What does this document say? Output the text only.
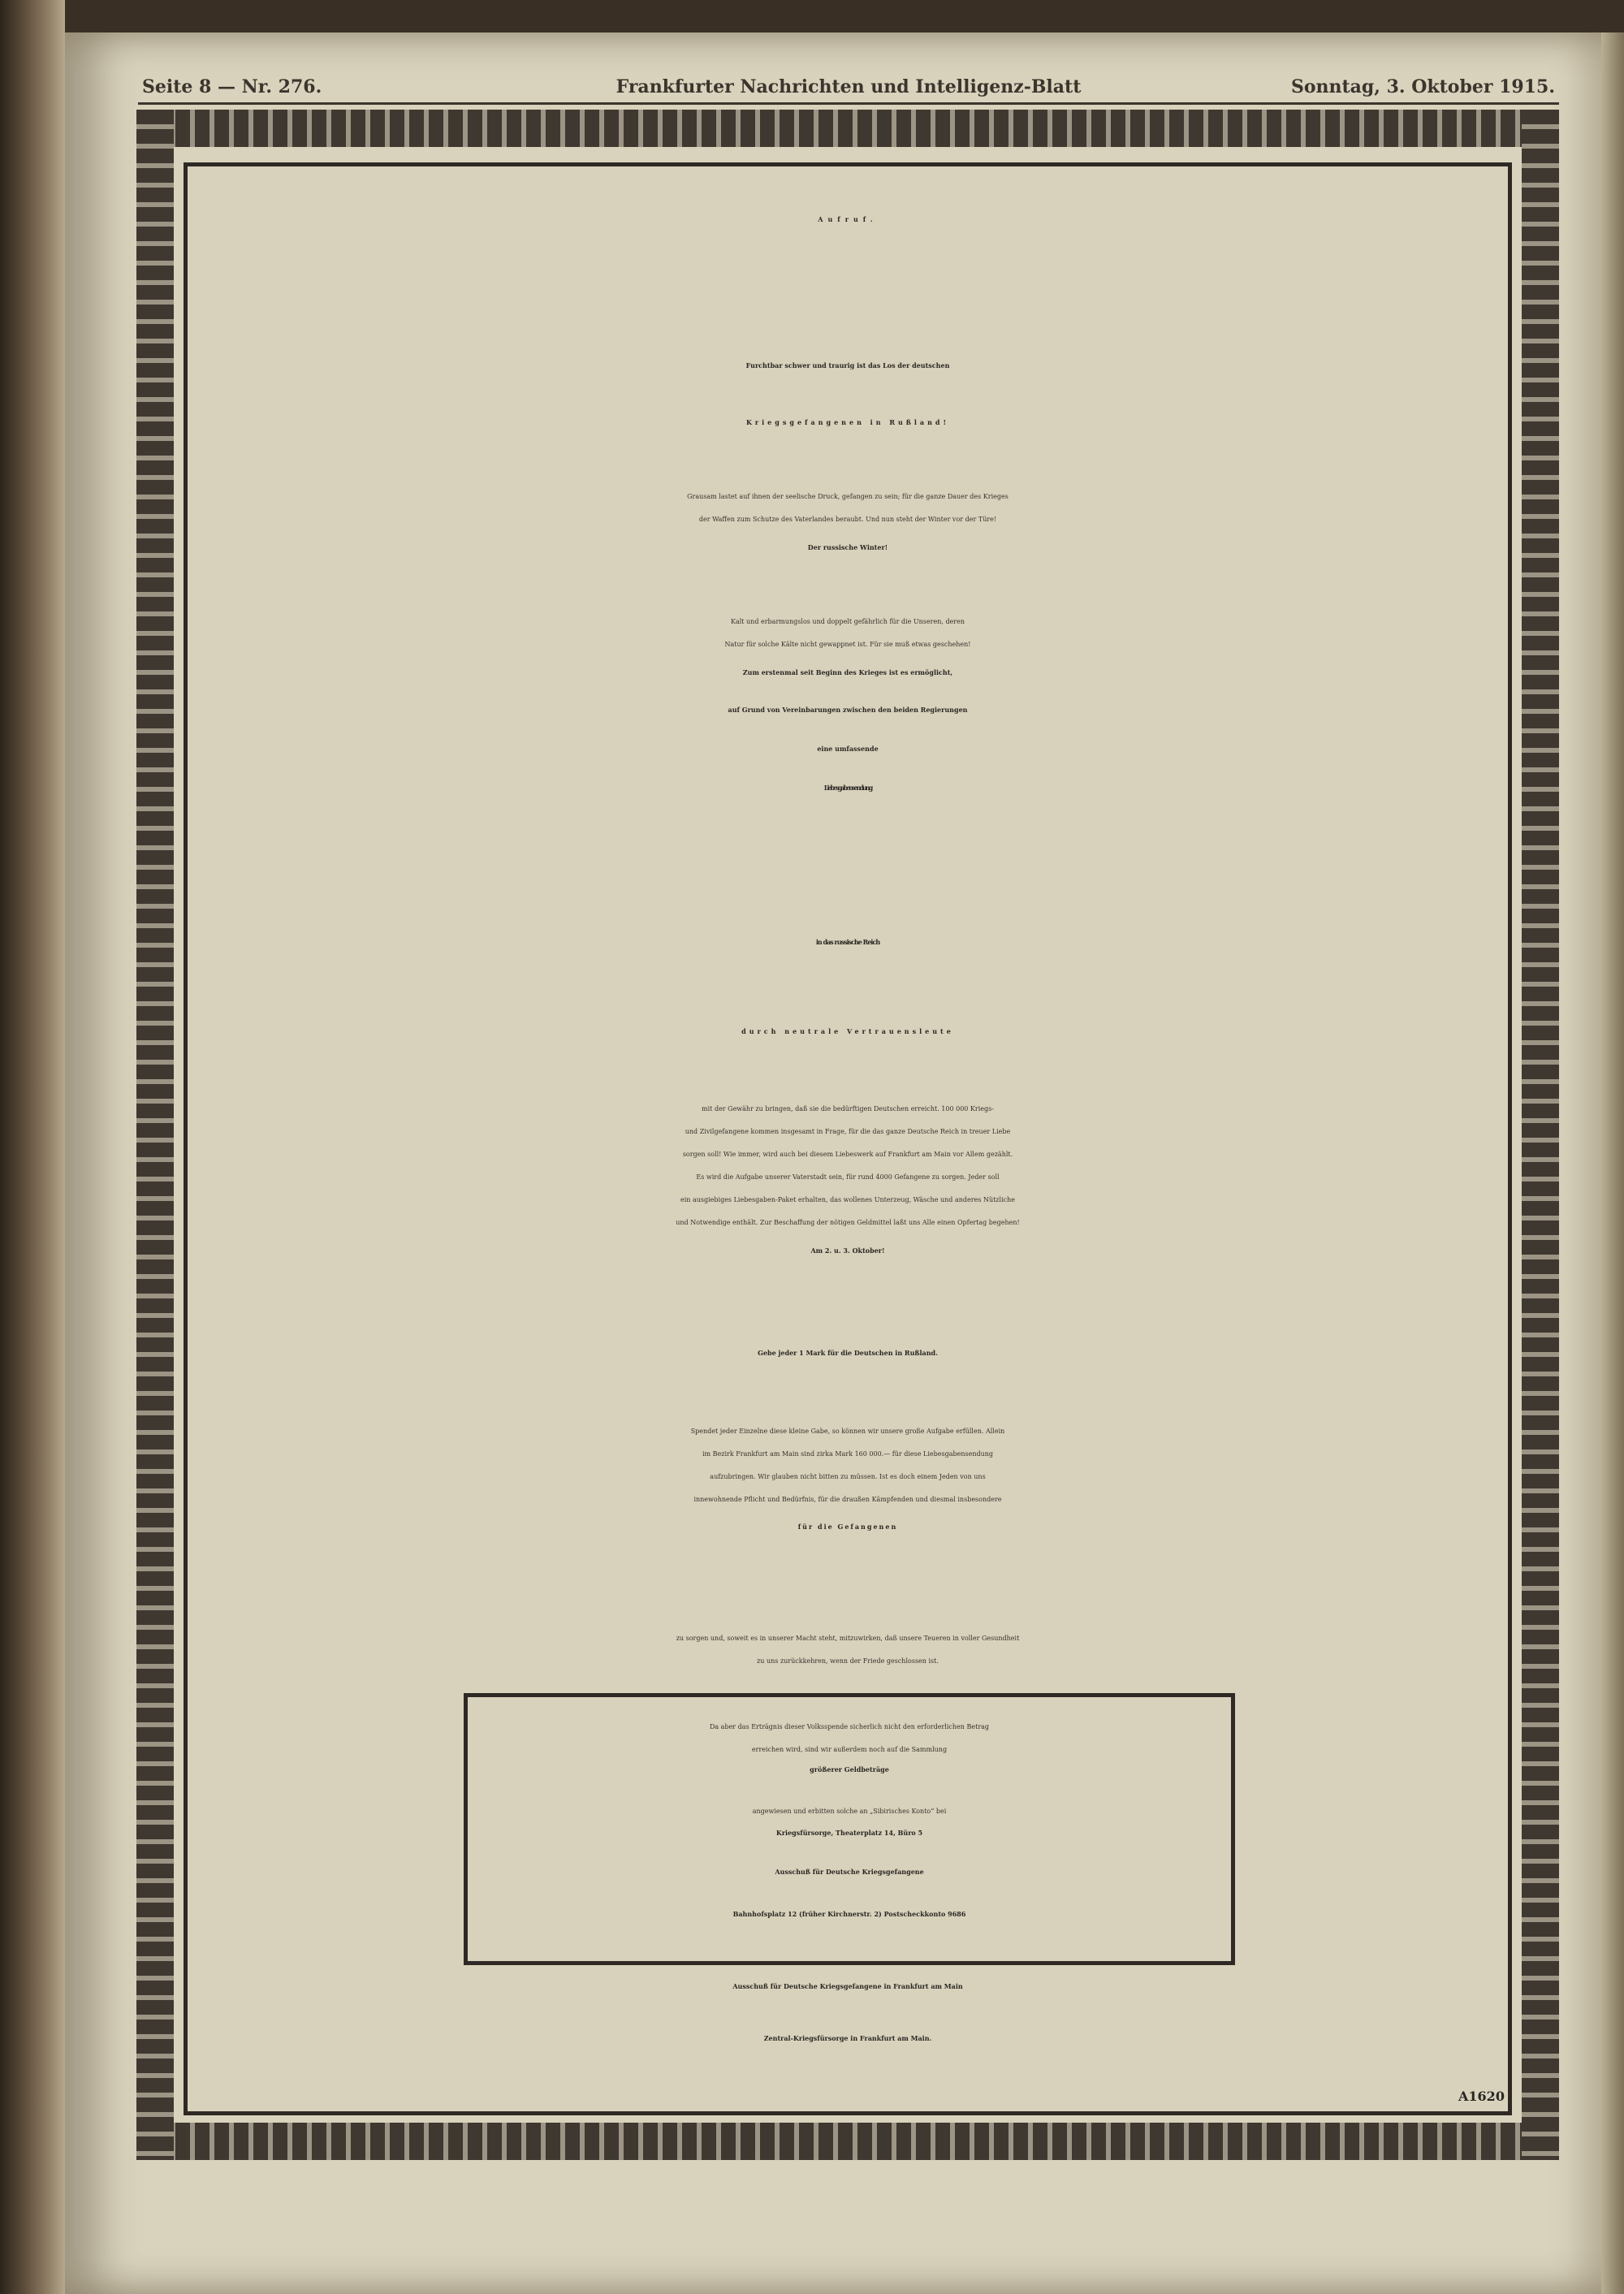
Seite 8 — Nr. 276.	Frankfurter Nachrichten und Intelligenz-Blatt	Sonntag, 3. Oktober 1915.
Aufruf.
Furchtbar schwer und traurig ist das Los der deutschen
Kriegsgefangenen in Rußland!
Grausam lastet auf ihnen der seelische Druck, gefangen zu sein; für die ganze Dauer des Krieges
der Waffen zum Schutze des Vaterlandes beraubt. Und nun steht der Winter vor der Türe!
Der russische Winter!
Kalt und erbarmungslos und doppelt gefährlich für die Unseren, deren
Natur für solche Kälte nicht gewappnet ist. Für sie muß etwas geschehen!
Zum erstenmal seit Beginn des Krieges ist es ermöglicht,
auf Grund von Vereinbarungen zwischen den beiden Regierungen
eine umfassende
Liebesgabensendung
in das russische Reich
durch neutrale Vertrauensleute
mit der Gewähr zu bringen, daß sie die bedürftigen Deutschen erreicht. 100 000 Kriegs-
und Zivilgefangene kommen insgesamt in Frage, für die das ganze Deutsche Reich in treuer Liebe
sorgen soll! Wie immer, wird auch bei diesem Liebeswerk auf Frankfurt am Main vor Allem gezählt.
Es wird die Aufgabe unserer Vaterstadt sein, für rund 4000 Gefangene zu sorgen. Jeder soll
ein ausgiebiges Liebesgaben-Paket erhalten, das wollenes Unterzeug, Wäsche und anderes Nützliche
und Notwendige enthält. Zur Beschaffung der nötigen Geldmittel laßt uns Alle einen Opfertag begehen!
Am 2. u. 3. Oktober!
Gebe jeder 1 Mark für die Deutschen in Rußland.
Spendet jeder Einzelne diese kleine Gabe, so können wir unsere große Aufgabe erfüllen. Allein
im Bezirk Frankfurt am Main sind zirka Mark 160 000.— für diese Liebesgabensendung
aufzubringen. Wir glauben nicht bitten zu müssen. Ist es doch einem Jeden von uns
innewohnende Pflicht und Bedürfnis, für die draußen Kämpfenden und diesmal insbesondere
für die Gefangenen
zu sorgen und, soweit es in unserer Macht steht, mitzuwirken, daß unsere Teueren in voller Gesundheit
zu uns zurückkehren, wenn der Friede geschlossen ist.
Da aber das Erträgnis dieser Volksspende sicherlich nicht den erforderlichen Betrag
erreichen wird, sind wir außerdem noch auf die Sammlung
größerer Geldbeträge
angewiesen und erbitten solche an „Sibirisches Konto“ bei
Kriegsfürsorge, Theaterplatz 14, Büro 5
Ausschuß für Deutsche Kriegsgefangene
Bahnhofsplatz 12 (früher Kirchnerstr. 2) Postscheckkonto 9686
Ausschuß für Deutsche Kriegsgefangene in Frankfurt am Main
Zentral-Kriegsfürsorge in Frankfurt am Main.
A1620
